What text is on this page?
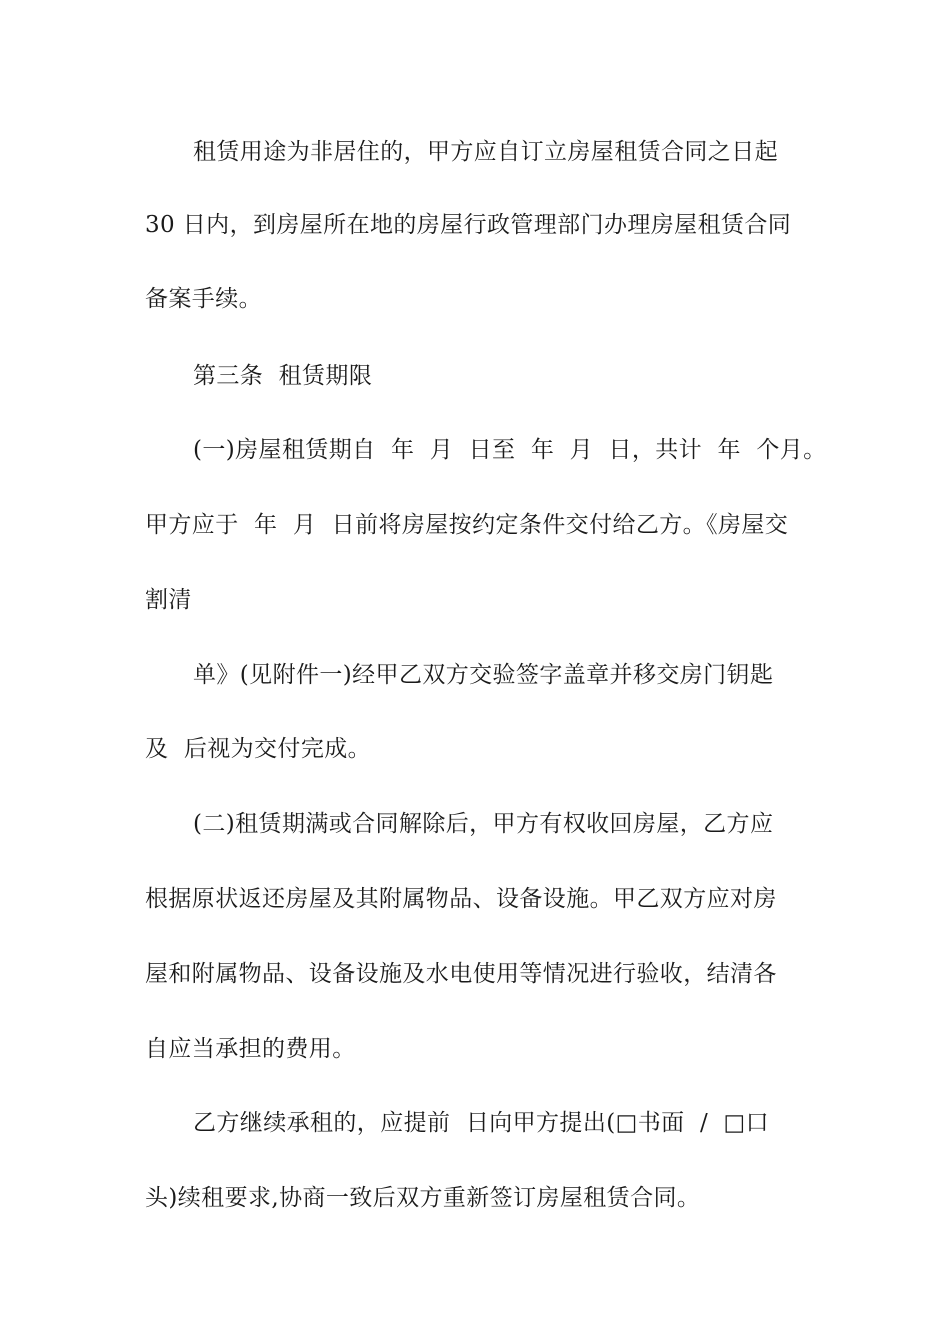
租赁用途为非居住的，甲方应自订立房屋租赁合同之日起
30 日内，到房屋所在地的房屋行政管理部门办理房屋租赁合同
备案手续。
第三条  租赁期限
(一)房屋租赁期自  年  月  日至  年  月  日，共计  年  个月。
甲方应于  年  月  日前将房屋按约定条件交付给乙方。《房屋交
割清
单》(见附件一)经甲乙双方交验签字盖章并移交房门钥匙
及  后视为交付完成。
(二)租赁期满或合同解除后，甲方有权收回房屋，乙方应
根据原状返还房屋及其附属物品、设备设施。甲乙双方应对房
屋和附属物品、设备设施及水电使用等情况进行验收，结清各
自应当承担的费用。
乙方继续承租的，应提前  日向甲方提出(□书面  /  □口
头)续租要求,协商一致后双方重新签订房屋租赁合同。
